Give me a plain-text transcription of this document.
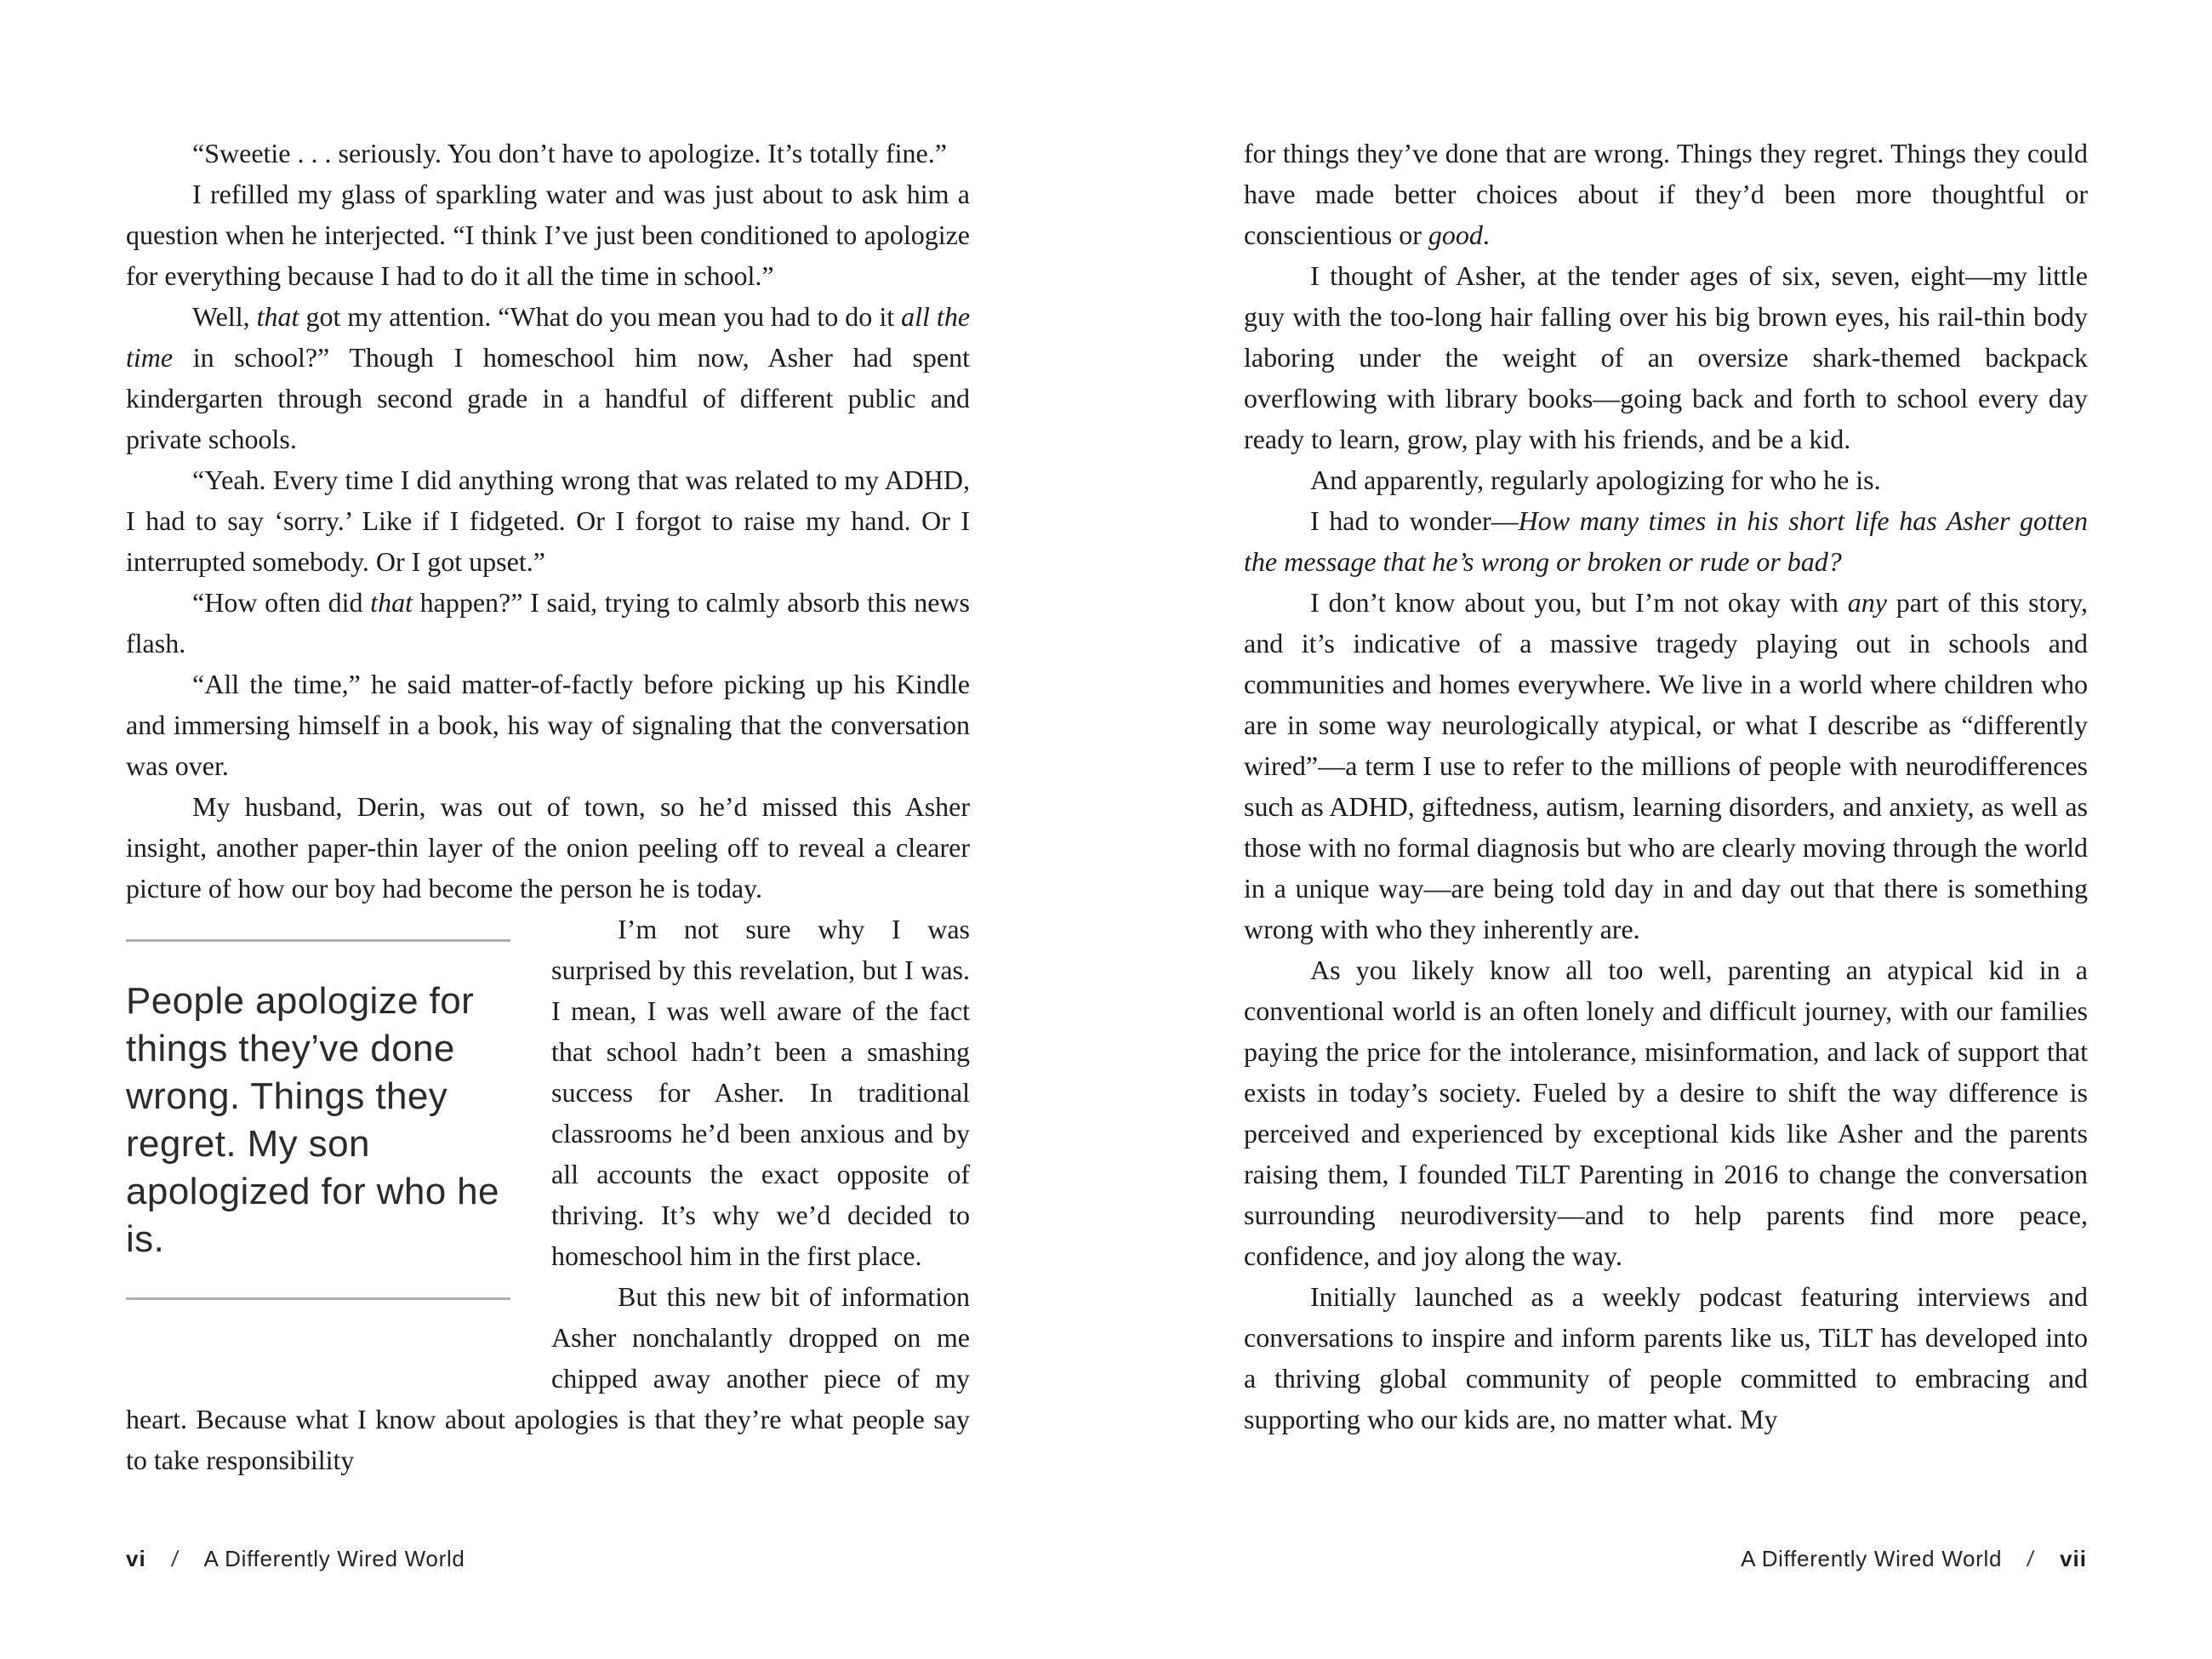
“Sweetie . . . seriously. You don’t have to apologize. It’s totally fine.”

I refilled my glass of sparkling water and was just about to ask him a question when he interjected. “I think I’ve just been conditioned to apologize for everything because I had to do it all the time in school.”

Well, that got my attention. “What do you mean you had to do it all the time in school?” Though I homeschool him now, Asher had spent kindergarten through second grade in a handful of different public and private schools.

“Yeah. Every time I did anything wrong that was related to my ADHD, I had to say ‘sorry.’ Like if I fidgeted. Or I forgot to raise my hand. Or I interrupted somebody. Or I got upset.”

“How often did that happen?” I said, trying to calmly absorb this news flash.

“All the time,” he said matter-of-factly before picking up his Kindle and immersing himself in a book, his way of signaling that the conversation was over.

My husband, Derin, was out of town, so he’d missed this Asher insight, another paper-thin layer of the onion peeling off to reveal a clearer picture of how our boy had become the person he is today.

People apologize for things they’ve done wrong. Things they regret. My son apologized for who he is.

I’m not sure why I was surprised by this revelation, but I was. I mean, I was well aware of the fact that school hadn’t been a smashing success for Asher. In traditional classrooms he’d been anxious and by all accounts the exact opposite of thriving. It’s why we’d decided to homeschool him in the first place.

But this new bit of information Asher nonchalantly dropped on me chipped away another piece of my heart. Because what I know about apologies is that they’re what people say to take responsibility

vi / A Differently Wired World

for things they’ve done that are wrong. Things they regret. Things they could have made better choices about if they’d been more thoughtful or conscientious or good.

I thought of Asher, at the tender ages of six, seven, eight—my little guy with the too-long hair falling over his big brown eyes, his rail-thin body laboring under the weight of an oversize shark-themed backpack overflowing with library books—going back and forth to school every day ready to learn, grow, play with his friends, and be a kid.

And apparently, regularly apologizing for who he is.

I had to wonder—How many times in his short life has Asher gotten the message that he’s wrong or broken or rude or bad?

I don’t know about you, but I’m not okay with any part of this story, and it’s indicative of a massive tragedy playing out in schools and communities and homes everywhere. We live in a world where children who are in some way neurologically atypical, or what I describe as “differently wired”—a term I use to refer to the millions of people with neurodifferences such as ADHD, giftedness, autism, learning disorders, and anxiety, as well as those with no formal diagnosis but who are clearly moving through the world in a unique way—are being told day in and day out that there is something wrong with who they inherently are.

As you likely know all too well, parenting an atypical kid in a conventional world is an often lonely and difficult journey, with our families paying the price for the intolerance, misinformation, and lack of support that exists in today’s society. Fueled by a desire to shift the way difference is perceived and experienced by exceptional kids like Asher and the parents raising them, I founded TiLT Parenting in 2016 to change the conversation surrounding neurodiversity—and to help parents find more peace, confidence, and joy along the way.

Initially launched as a weekly podcast featuring interviews and conversations to inspire and inform parents like us, TiLT has developed into a thriving global community of people committed to embracing and supporting who our kids are, no matter what. My

A Differently Wired World / vii
